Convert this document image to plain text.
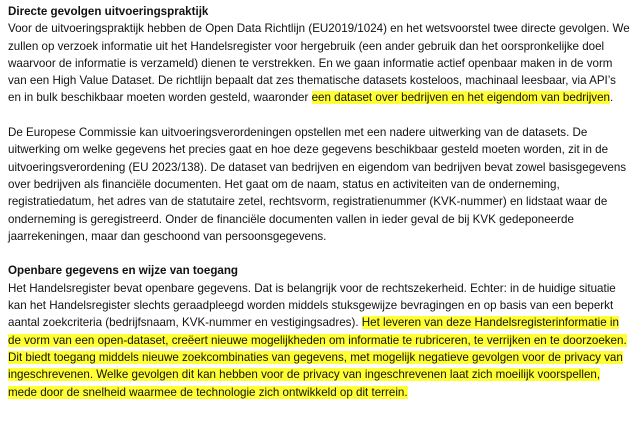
Directe gevolgen uitvoeringspraktijk

Voor de uitvoeringspraktijk hebben de Open Data Richtlijn (EU2019/1024) en het wetsvoorstel twee directe gevolgen. We zullen op verzoek informatie uit het Handelsregister voor hergebruik (een ander gebruik dan het oorspronkelijke doel waarvoor de informatie is verzameld) dienen te verstrekken. En we gaan informatie actief openbaar maken in de vorm van een High Value Dataset. De richtlijn bepaalt dat zes thematische datasets kosteloos, machinaal leesbaar, via API’s en in bulk beschikbaar moeten worden gesteld, waaronder een dataset over bedrijven en het eigendom van bedrijven.

De Europese Commissie kan uitvoeringsverordeningen opstellen met een nadere uitwerking van de datasets. De uitwerking om welke gegevens het precies gaat en hoe deze gegevens beschikbaar gesteld moeten worden, zit in de uitvoeringsverordening (EU 2023/138). De dataset van bedrijven en eigendom van bedrijven bevat zowel basisgegevens over bedrijven als financiële documenten. Het gaat om de naam, status en activiteiten van de onderneming, registratiedatum, het adres van de statutaire zetel, rechtsvorm, registratienummer (KVK-nummer) en lidstaat waar de onderneming is geregistreerd. Onder de financiële documenten vallen in ieder geval de bij KVK gedeponeerde jaarrekeningen, maar dan geschoond van persoonsgegevens.

Openbare gegevens en wijze van toegang

Het Handelsregister bevat openbare gegevens. Dat is belangrijk voor de rechtszekerheid. Echter: in de huidige situatie kan het Handelsregister slechts geraadpleegd worden middels stuksgewijze bevragingen en op basis van een beperkt aantal zoekcriteria (bedrijfsnaam, KVK-nummer en vestigingsadres). Het leveren van deze Handelsregisterinformatie in de vorm van een open-dataset, creëert nieuwe mogelijkheden om informatie te rubriceren, te verrijken en te doorzoeken. Dit biedt toegang middels nieuwe zoekcombinaties van gegevens, met mogelijk negatieve gevolgen voor de privacy van ingeschrevenen. Welke gevolgen dit kan hebben voor de privacy van ingeschrevenen laat zich moeilijk voorspellen, mede door de snelheid waarmee de technologie zich ontwikkeld op dit terrein.
